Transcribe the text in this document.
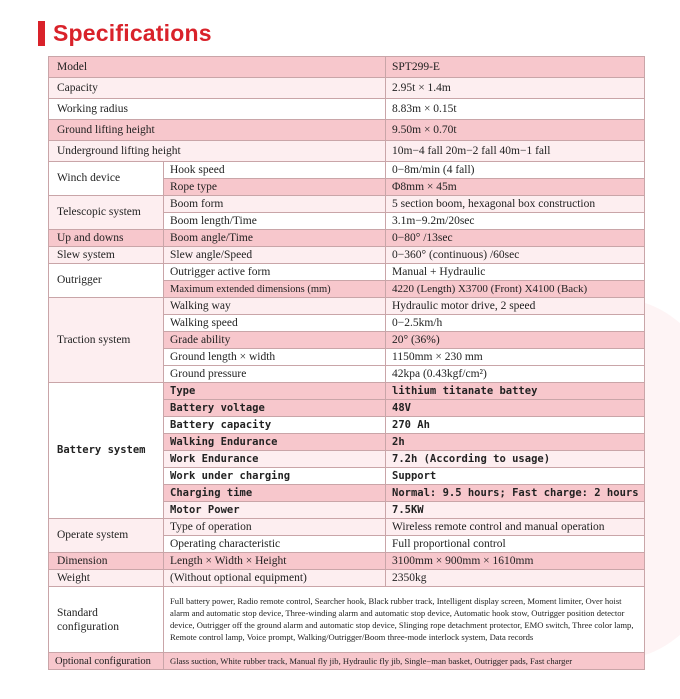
Specifications
Model		SPT299-E
Capacity		2.95t × 1.4m
Working radius		8.83m × 0.15t
Ground lifting height		9.50m × 0.70t
Underground lifting height		10m−4 fall 20m−2 fall 40m−1 fall
Winch device	Hook speed	0−8m/min (4 fall)
	Rope type	Φ8mm × 45m
Telescopic system	Boom form	5 section boom, hexagonal box construction
	Boom length/Time	3.1m−9.2m/20sec
Up and downs	Boom angle/Time	0−80° /13sec
Slew system	Slew angle/Speed	0−360° (continuous) /60sec
Outrigger	Outrigger active form	Manual + Hydraulic
	Maximum extended dimensions (mm)	4220 (Length) X3700 (Front) X4100 (Back)
Traction system	Walking way	Hydraulic motor drive, 2 speed
	Walking speed	0−2.5km/h
	Grade ability	20° (36%)
	Ground length × width	1150mm × 230 mm
	Ground pressure	42kpa (0.43kgf/cm²)
Battery system	Type	lithium titanate battey
	Battery voltage	48V
	Battery capacity	270 Ah
	Walking Endurance	2h
	Work Endurance	7.2h (According to usage)
	Work under charging	Support
	Charging time	Normal: 9.5 hours; Fast charge: 2 hours
	Motor Power	7.5KW
Operate system	Type of operation	Wireless remote control and manual operation
	Operating characteristic	Full proportional control
Dimension	Length × Width × Height	3100mm × 900mm × 1610mm
Weight	(Without optional equipment)	2350kg
Standard
configuration	Full battery power, Radio remote control, Searcher hook, Black rubber track, Intelligent display screen, Moment limiter, Over hoist alarm and automatic stop device, Three-winding alarm and automatic stop device, Automatic hook stow, Outrigger position detector device, Outrigger off the ground alarm and automatic stop device, Slinging rope detachment protector, EMO switch, Three color lamp, Remote control lamp, Voice prompt, Walking/Outrigger/Boom three-mode interlock system, Data records	
Optional configuration	Glass suction, White rubber track, Manual fly jib, Hydraulic fly jib, Single−man basket, Outrigger pads, Fast charger	
